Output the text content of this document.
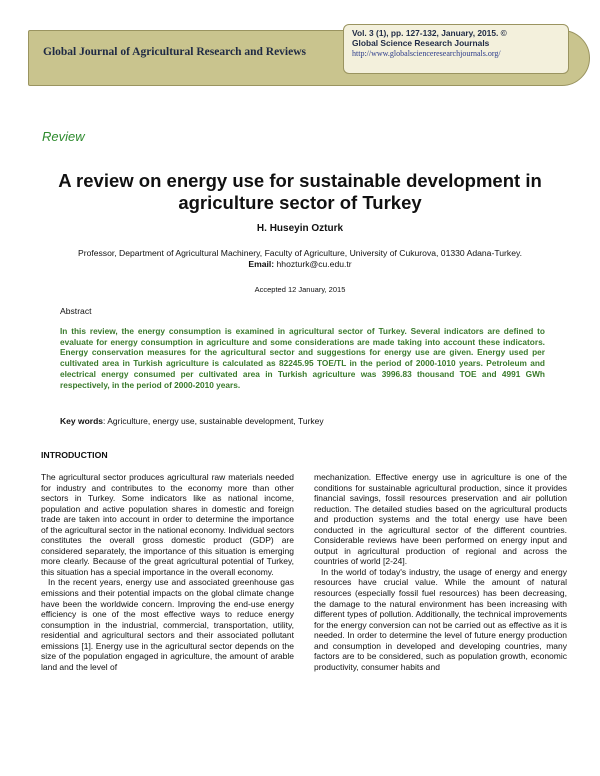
Global Journal of Agricultural Research and Reviews
Vol. 3 (1), pp. 127-132, January, 2015. ©
Global Science Research Journals
http://www.globalscienceresearchjournals.org/
Review
A review on energy use for sustainable development in agriculture sector of Turkey
H. Huseyin Ozturk
Professor, Department of Agricultural Machinery, Faculty of Agriculture, University of Cukurova, 01330 Adana-Turkey.
Email: hhozturk@cu.edu.tr
Accepted 12 January, 2015
Abstract
In this review, the energy consumption is examined in agricultural sector of Turkey. Several indicators are defined to evaluate for energy consumption in agriculture and some considerations are made taking into account these indicators. Energy conservation measures for the agricultural sector and suggestions for energy use are given. Energy used per cultivated area in Turkish agriculture is calculated as 82245.95 TOE/TL in the period of 2000-1010 years. Petroleum and electrical energy consumed per cultivated area in Turkish agriculture was 3996.83 thousand TOE and 4991 GWh respectively, in the period of 2000-2010 years.
Key words: Agriculture, energy use, sustainable development, Turkey
INTRODUCTION

The agricultural sector produces agricultural raw materials needed for industry and contributes to the economy more than other sectors in Turkey. Some indicators like as national income, population and active population shares in domestic and foreign trade are taken into account in order to determine the importance of the agricultural sector in the national economy. Individual sectors constitutes the overall gross domestic product (GDP) are considered separately, the importance of this situation is emerging more clearly. Because of the great agricultural potential of Turkey, this situation has a special importance in the overall economy.

In the recent years, energy use and associated greenhouse gas emissions and their potential impacts on the global climate change have been the worldwide concern. Improving the end-use energy efficiency is one of the most effective ways to reduce energy consumption in the industrial, commercial, transportation, utility, residential and agricultural sectors and their associated pollutant emissions [1]. Energy use in the agricultural sector depends on the size of the population engaged in agriculture, the amount of arable land and the level of

mechanization. Effective energy use in agriculture is one of the conditions for sustainable agricultural production, since it provides financial savings, fossil resources preservation and air pollution reduction. The detailed studies based on the agricultural products and production systems and the total energy use have been conducted in the agricultural sector of the different countries. Considerable reviews have been performed on energy input and output in agricultural production of regional and across the countries of world [2-24].

In the world of today's industry, the usage of energy and energy resources have crucial value. While the amount of natural resources (especially fossil fuel resources) has been decreasing, the damage to the natural environment has been increasing with different types of pollution. Additionally, the technical improvements for the energy conversion can not be carried out as effective as it is needed. In order to determine the level of future energy production and consumption in developed and developing countries, many factors are to be considered, such as population growth, economic productivity, consumer habits and
